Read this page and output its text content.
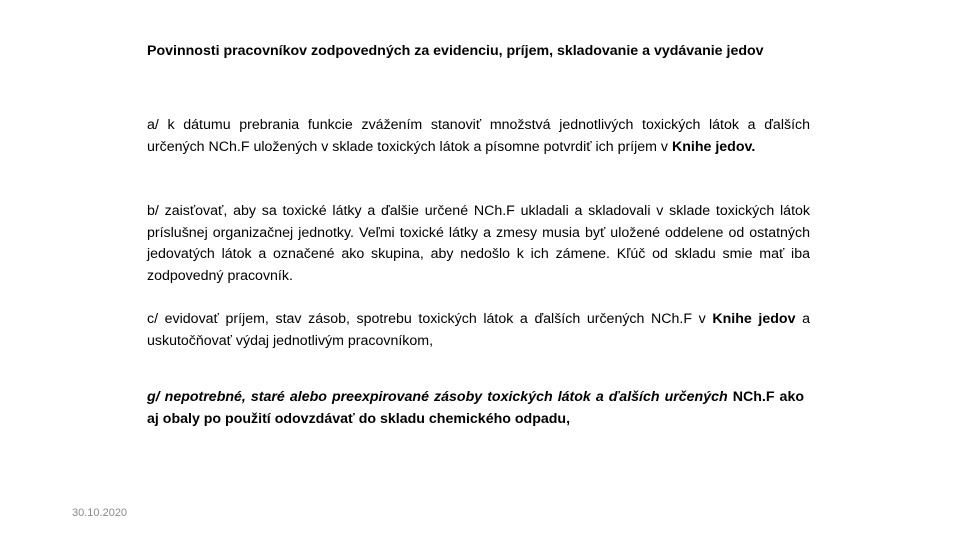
Povinnosti pracovníkov zodpovedných za evidenciu, príjem, skladovanie a vydávanie jedov
a/ k dátumu prebrania funkcie zvážením stanoviť množstvá jednotlivých toxických látok a ďalších určených NCh.F uložených v sklade toxických látok a písomne potvrdiť ich príjem v Knihe jedov.
b/ zaisťovať, aby sa toxické látky a ďalšie určené NCh.F ukladali a skladovali v sklade toxických látok príslušnej organizačnej jednotky. Veľmi toxické látky a zmesy musia byť uložené oddelene od ostatných jedovatých látok a označené ako skupina, aby nedošlo k ich zámene. Kľúč od skladu smie mať iba zodpovedný pracovník.
c/ evidovať príjem, stav zásob, spotrebu toxických látok a ďalších určených NCh.F v Knihe jedov a uskutočňovať výdaj jednotlivým pracovníkom,
g/ nepotrebné, staré alebo preexpirované zásoby toxických látok a ďalších určených NCh.F ako aj obaly po použití odovzdávať do skladu chemického odpadu,
30.10.2020
